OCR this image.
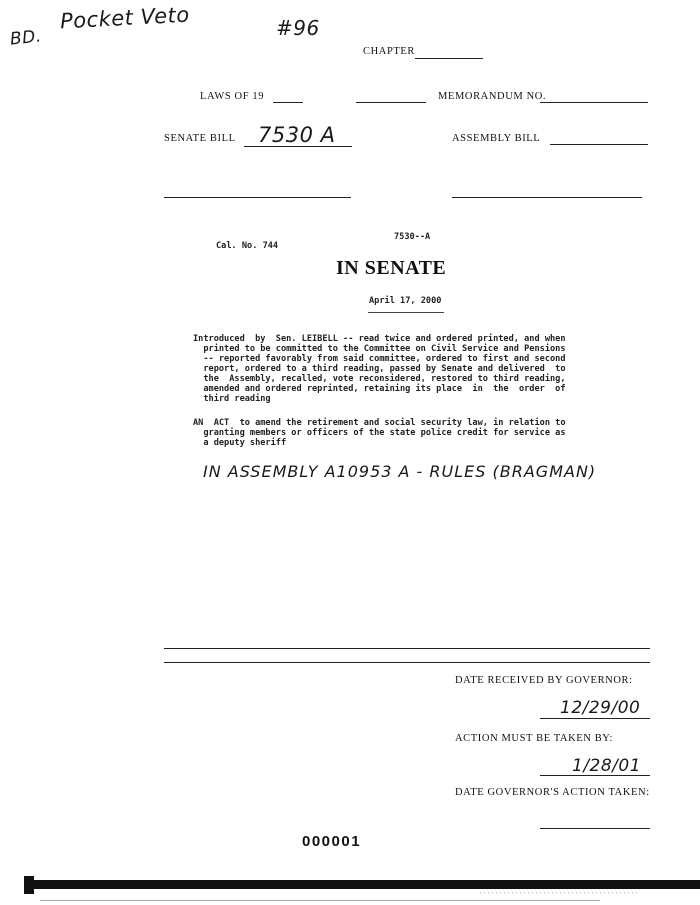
BD.
Pocket Veto	#96
CHAPTER
LAWS OF 19	MEMORANDUM NO.
SENATE BILL 7530 A	ASSEMBLY BILL
7530--A
Cal. No. 744
IN SENATE
April 17, 2000

Introduced  by  Sen. LEIBELL -- read twice and ordered printed, and when

printed to be committed to the Committee on Civil Service and Pensions

-- reported favorably from said committee, ordered to first and second

report, ordered to a third reading, passed by Senate and delivered  to

the  Assembly, recalled, vote reconsidered, restored to third reading,

amended and ordered reprinted, retaining its place  in  the  order  of

third reading

AN  ACT  to amend the retirement and social security law, in relation to

granting members or officers of the state police credit for service as

a deputy sheriff

IN ASSEMBLY A10953 A - RULES (BRAGMAN)
DATE RECEIVED BY GOVERNOR:
12/29/00
ACTION MUST BE TAKEN BY:
1/28/01
DATE GOVERNOR'S ACTION TAKEN:
000001
